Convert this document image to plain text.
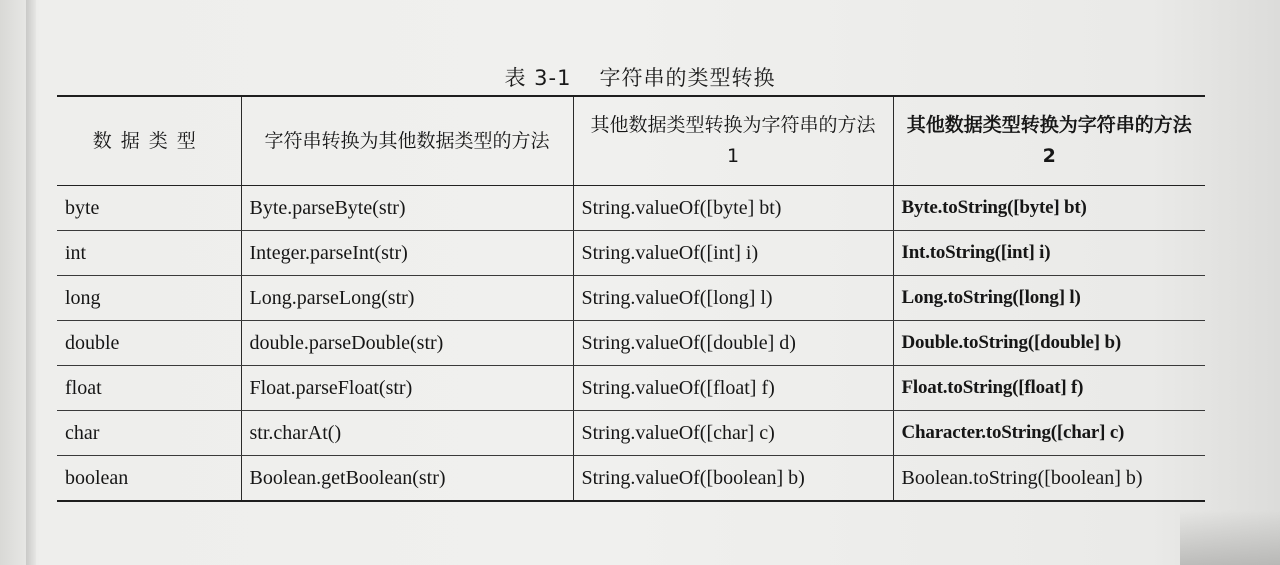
表 3-1 字符串的类型转换
数据类型	字符串转换为其他数据类型的方法	其他数据类型转换为字符串的方法 1	其他数据类型转换为字符串的方法 2
byte	Byte.parseByte(str)	String.valueOf([byte] bt)	Byte.toString([byte] bt)
int	Integer.parseInt(str)	String.valueOf([int] i)	Int.toString([int] i)
long	Long.parseLong(str)	String.valueOf([long] l)	Long.toString([long] l)
double	double.parseDouble(str)	String.valueOf([double] d)	Double.toString([double] b)
float	Float.parseFloat(str)	String.valueOf([float] f)	Float.toString([float] f)
char	str.charAt()	String.valueOf([char] c)	Character.toString([char] c)
boolean	Boolean.getBoolean(str)	String.valueOf([boolean] b)	Boolean.toString([boolean] b)
